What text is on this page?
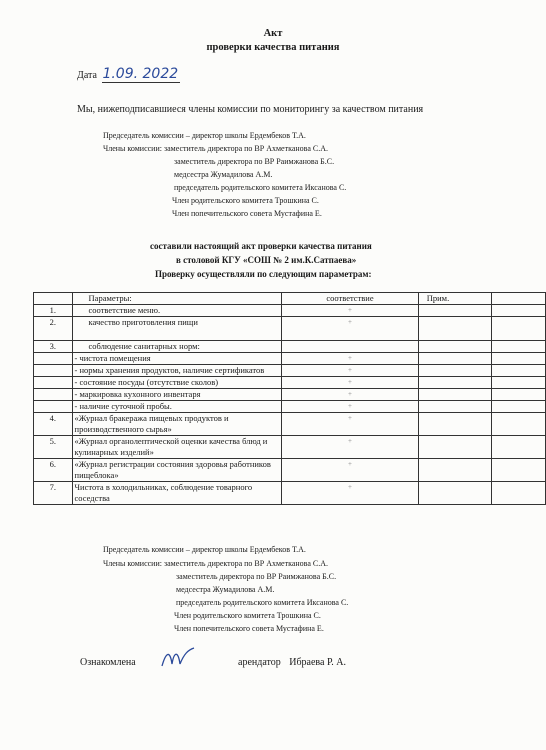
Акт
проверки качества питания
Дата 1.09. 2022
Мы, нижеподписавшиеся члены комиссии по мониторингу за качеством питания
Председатель комиссии – директор школы Ердембеков Т.А.
Члены комиссии: заместитель директора по ВР Ахметканова С.А.
заместитель директора по ВР Раимжанова Б.С.
медсестра Жумадилова А.М.
председатель родительского комитета Иксанова С.
Член родительского комитета Трошкина С.
Член попечительского совета Мустафина Е.
составили настоящий акт проверки качества питания
в столовой КГУ «СОШ № 2 им.К.Сатпаева»
Проверку осуществляли по следующим параметрам:
	Параметры:	соответствие	Прим.	
1.	соответствие меню.	+		
2.	качество приготовления пищи	+		
3.	соблюдение санитарных норм:			
	- чистота помещения	+		
	- нормы хранения продуктов, наличие сертификатов	+		
	- состояние посуды (отсутствие сколов)	+		
	- маркировка кухонного инвентаря	+		
	- наличие суточной пробы.	+		
4.	«Журнал бракеража пищевых продуктов и производственного сырья»	+		
5.	«Журнал органолептической оценки качества блюд и кулинарных изделий»	+		
6.	«Журнал регистрации состояния здоровья работников пищеблока»	+		
7.	Чистота в холодильниках, соблюдение товарного соседства	+		
Председатель комиссии – директор школы Ердембеков Т.А.
Члены комиссии: заместитель директора по ВР Ахметканова С.А.
заместитель директора по ВР Раимжанова Б.С.
медсестра Жумадилова А.М.
председатель родительского комитета Иксанова С.
Член родительского комитета Трошкина С.
Член попечительского совета Мустафина Е.
Ознакомлена	арендатор Ибраева Р. А.
